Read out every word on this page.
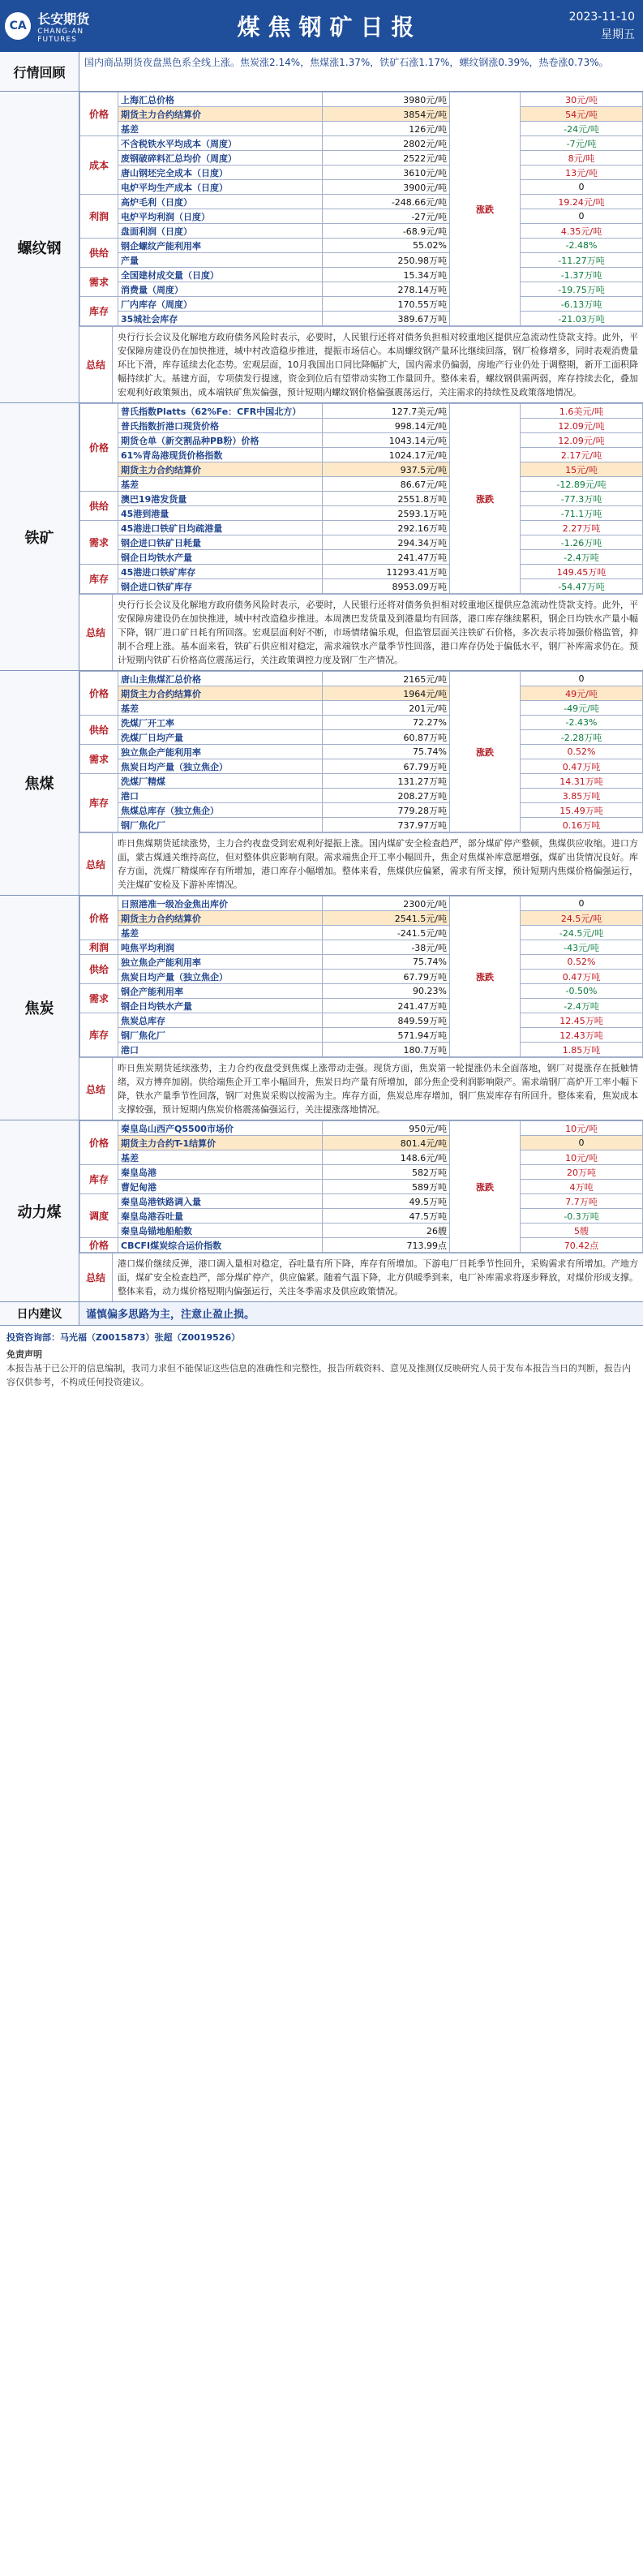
CA 长安期货
CHANG-AN FUTURES	煤焦钢矿日报	2023-11-10
星期五
行情回顾
国内商品期货夜盘黑色系全线上涨。焦炭涨2.14%，焦煤涨1.37%，铁矿石涨1.17%，螺纹钢涨0.39%，热卷涨0.73%。
螺纹钢
价格	上海汇总价格	3980元/吨	涨跌	30元/吨
	期货主力合约结算价	3854元/吨		54元/吨
	基差	126元/吨		-24元/吨
成本	不含税铁水平均成本（周度）	2802元/吨		-7元/吨
	废钢破碎料汇总均价（周度）	2522元/吨		8元/吨
	唐山钢坯完全成本（日度）	3610元/吨		13元/吨
	电炉平均生产成本（日度）	3900元/吨		0
利润	高炉毛利（日度）	-248.66元/吨		19.24元/吨
	电炉平均利润（日度）	-27元/吨		0
	盘面利润（日度）	-68.9元/吨		4.35元/吨
供给	钢企螺纹产能利用率	55.02%		-2.48%
	产量	250.98万吨		-11.27万吨
需求	全国建材成交量（日度）	15.34万吨		-1.37万吨
	消费量（周度）	278.14万吨		-19.75万吨
库存	厂内库存（周度）	170.55万吨		-6.13万吨
	35城社会库存	389.67万吨		-21.03万吨
总结
央行行长会议及化解地方政府债务风险时表示，必要时，人民银行还将对债务负担相对较重地区提供应急流动性贷款支持。此外，平安保障房建设仍在加快推进，城中村改造稳步推进，提振市场信心。本周螺纹钢产量环比继续回落，钢厂检修增多，同时表观消费量环比下滑，库存延续去化态势。宏观层面，10月我国出口同比降幅扩大，国内需求仍偏弱，房地产行业仍处于调整期，新开工面积降幅持续扩大。基建方面，专项债发行提速，资金到位后有望带动实物工作量回升。整体来看，螺纹钢供需两弱，库存持续去化，叠加宏观利好政策频出，成本端铁矿焦炭偏强，预计短期内螺纹钢价格偏强震荡运行，关注需求的持续性及政策落地情况。
铁矿
价格	普氏指数Platts（62%Fe：CFR中国北方）	127.7美元/吨	涨跌	1.6美元/吨
	普氏指数折港口现货价格	998.14元/吨		12.09元/吨
	期货仓单（新交割品种PB粉）价格	1043.14元/吨		12.09元/吨
	61%青岛港现货价格指数	1024.17元/吨		2.17元/吨
	期货主力合约结算价	937.5元/吨		15元/吨
	基差	86.67元/吨		-12.89元/吨
供给	澳巴19港发货量	2551.8万吨		-77.3万吨
	45港到港量	2593.1万吨		-71.1万吨
需求	45港进口铁矿日均疏港量	292.16万吨		2.27万吨
	钢企进口铁矿日耗量	294.34万吨		-1.26万吨
	钢企日均铁水产量	241.47万吨		-2.4万吨
库存	45港进口铁矿库存	11293.41万吨		149.45万吨
	钢企进口铁矿库存	8953.09万吨		-54.47万吨
总结
央行行长会议及化解地方政府债务风险时表示，必要时，人民银行还将对债务负担相对较重地区提供应急流动性贷款支持。此外，平安保障房建设仍在加快推进，城中村改造稳步推进。本周澳巴发货量及到港量均有回落，港口库存继续累积，钢企日均铁水产量小幅下降，钢厂进口矿日耗有所回落。宏观层面利好不断，市场情绪偏乐观，但监管层面关注铁矿石价格，多次表示将加强价格监管，抑制不合理上涨。基本面来看，铁矿石供应相对稳定，需求端铁水产量季节性回落，港口库存仍处于偏低水平，钢厂补库需求仍在。预计短期内铁矿石价格高位震荡运行，关注政策调控力度及钢厂生产情况。
焦煤
价格	唐山主焦煤汇总价格	2165元/吨	涨跌	0
	期货主力合约结算价	1964元/吨		49元/吨
	基差	201元/吨		-49元/吨
供给	洗煤厂开工率	72.27%		-2.43%
	洗煤厂日均产量	60.87万吨		-2.28万吨
需求	独立焦企产能利用率	75.74%		0.52%
	焦炭日均产量（独立焦企）	67.79万吨		0.47万吨
库存	洗煤厂精煤	131.27万吨		14.31万吨
	港口	208.27万吨		3.85万吨
	焦煤总库存（独立焦企）	779.28万吨		15.49万吨
	钢厂焦化厂	737.97万吨		0.16万吨
总结
昨日焦煤期货延续涨势，主力合约夜盘受到宏观利好提振上涨。国内煤矿安全检查趋严，部分煤矿停产整顿，焦煤供应收缩。进口方面，蒙古煤通关维持高位，但对整体供应影响有限。需求端焦企开工率小幅回升，焦企对焦煤补库意愿增强，煤矿出货情况良好。库存方面，洗煤厂精煤库存有所增加，港口库存小幅增加。整体来看，焦煤供应偏紧，需求有所支撑，预计短期内焦煤价格偏强运行，关注煤矿安检及下游补库情况。
焦炭
价格	日照港准一级冶金焦出库价	2300元/吨	涨跌	0
	期货主力合约结算价	2541.5元/吨		24.5元/吨
	基差	-241.5元/吨		-24.5元/吨
利润	吨焦平均利润	-38元/吨		-43元/吨
供给	独立焦企产能利用率	75.74%		0.52%
	焦炭日均产量（独立焦企）	67.79万吨		0.47万吨
需求	钢企产能利用率	90.23%		-0.50%
	钢企日均铁水产量	241.47万吨		-2.4万吨
库存	焦炭总库存	849.59万吨		12.45万吨
	钢厂焦化厂	571.94万吨		12.43万吨
	港口	180.7万吨		1.85万吨
总结
昨日焦炭期货延续涨势，主力合约夜盘受到焦煤上涨带动走强。现货方面，焦炭第一轮提涨仍未全面落地，钢厂对提涨存在抵触情绪，双方博弈加剧。供给端焦企开工率小幅回升，焦炭日均产量有所增加，部分焦企受利润影响限产。需求端钢厂高炉开工率小幅下降，铁水产量季节性回落，钢厂对焦炭采购以按需为主。库存方面，焦炭总库存增加，钢厂焦炭库存有所回升。整体来看，焦炭成本支撑较强，预计短期内焦炭价格震荡偏强运行，关注提涨落地情况。
动力煤
价格	秦皇岛山西产Q5500市场价	950元/吨	涨跌	10元/吨
	期货主力合约T-1结算价	801.4元/吨		0
	基差	148.6元/吨		10元/吨
库存	秦皇岛港	582万吨		20万吨
	曹妃甸港	589万吨		4万吨
调度	秦皇岛港铁路调入量	49.5万吨		7.7万吨
	秦皇岛港吞吐量	47.5万吨		-0.3万吨
	秦皇岛锚地船舶数	26艘		5艘
价格	CBCFI煤炭综合运价指数	713.99点		70.42点
总结
港口煤价继续反弹，港口调入量相对稳定，吞吐量有所下降，库存有所增加。下游电厂日耗季节性回升，采购需求有所增加。产地方面，煤矿安全检查趋严，部分煤矿停产，供应偏紧。随着气温下降，北方供暖季到来，电厂补库需求将逐步释放，对煤价形成支撑。整体来看，动力煤价格短期内偏强运行，关注冬季需求及供应政策情况。
日内建议	谨慎偏多思路为主，注意止盈止损。
投资咨询部：马光福（Z0015873）张超（Z0019526）
免责声明
本报告基于已公开的信息编制，我司力求但不能保证这些信息的准确性和完整性，报告所载资料、意见及推测仅反映研究人员于发布本报告当日的判断，报告内容仅供参考，不构成任何投资建议。
